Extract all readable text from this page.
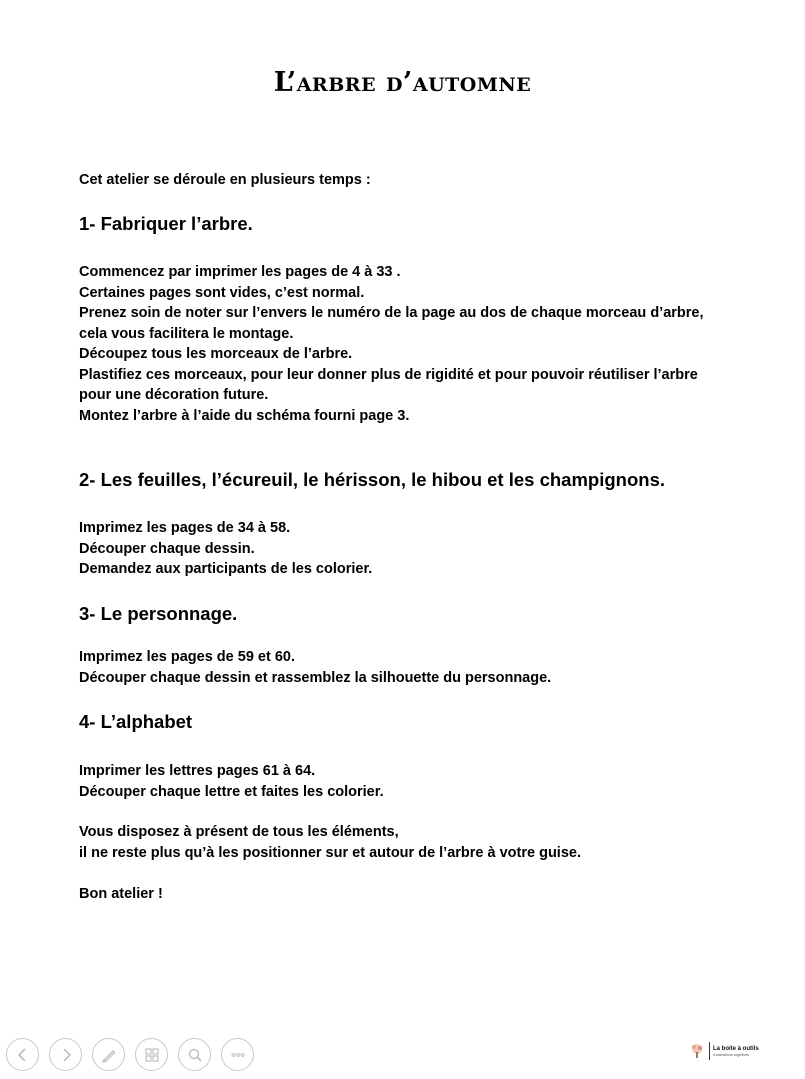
L’arbre d’automne
Cet atelier se déroule en plusieurs temps :
1- Fabriquer l’arbre.
Commencez par imprimer les pages de 4 à 33 .
Certaines pages sont vides, c’est normal.
Prenez soin de noter sur l’envers le numéro de la page au dos de chaque morceau d’arbre,
cela vous facilitera le montage.
Découpez tous les morceaux de l’arbre.
Plastifiez ces morceaux, pour leur donner plus de rigidité et pour pouvoir réutiliser l’arbre
pour une décoration future.
Montez l’arbre à l’aide du schéma fourni page 3.
2- Les feuilles, l’écureuil, le hérisson, le hibou et les champignons.
Imprimez les pages de 34 à 58.
Découper chaque dessin.
Demandez aux participants de les colorier.
3- Le personnage.
Imprimez les pages de 59 et 60.
Découper chaque dessin et rassemblez la silhouette du personnage.
4- L’alphabet
Imprimer les lettres pages 61 à 64.
Découper chaque lettre et faites les colorier.
Vous disposez à présent de tous les éléments,
il ne reste plus qu’à les positionner sur et autour de l’arbre à votre guise.
Bon atelier !
La boite à outils
d’animations cognitives
